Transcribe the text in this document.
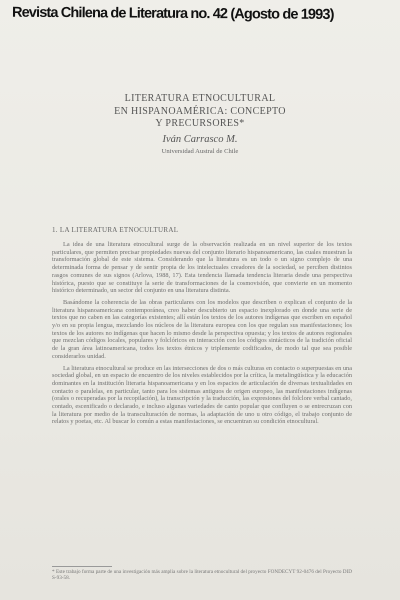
Revista Chilena de Literatura no. 42 (Agosto de 1993)
LITERATURA ETNOCULTURAL
EN HISPANOAMÉRICA: CONCEPTO
Y PRECURSORES*
Iván Carrasco M.
Universidad Austral de Chile
1. LA LITERATURA ETNOCULTURAL

La idea de una literatura etnocultural surge de la observación realizada en un nivel superior de los textos particulares, que permiten precisar propiedades nuevas del conjunto literario hispanoamericano, las cuales muestran la transformación global de este sistema. Considerando que la literatura es un todo o un signo complejo de una determinada forma de pensar y de sentir propia de los intelectuales creadores de la sociedad, se perciben distintos rasgos comunes de sus signos (Arlova, 1988, 17). Esta tendencia llamada tendencia literaria desde una perspectiva histórica, puesto que se constituye la serie de transformaciones de la cosmovisión, que convierte en un momento histórico determinado, un sector del conjunto en una literatura distinta.

Basándome la coherencia de las obras particulares con los modelos que describen o explican el conjunto de la literatura hispanoamericana contemporánea, creo haber descubierto un espacio inexplorado en donde una serie de textos que no caben en las categorías existentes; allí están los textos de los autores indígenas que escriben en español y/o en su propia lengua, mezclando los núcleos de la literatura europea con los que regulan sus manifestaciones; los textos de los autores no indígenas que hacen lo mismo desde la perspectiva opuesta; y los textos de autores regionales que mezclan códigos locales, populares y folclóricos en interacción con los códigos sintácticos de la tradición oficial de la gran área latinoamericana, todos los textos étnicos y triplemente codificados, de modo tal que sea posible considerarlos unidad.

La literatura etnocultural se produce en las intersecciones de dos o más culturas en contacto o superpuestas en una sociedad global, en un espacio de encuentro de los niveles establecidos por la crítica, la metalingüística y la educación dominantes en la institución literaria hispanoamericana y en los espacios de articulación de diversas textualidades en contacto o paralelas, en particular, tanto para los sistemas antiguos de origen europeo, las manifestaciones indígenas (orales o recuperadas por la recopilación), la transcripción y la traducción, las expresiones del folclore verbal cantado, contado, escenificado o declarado, e incluso algunas variedades de canto popular que confluyen o se entrecruzan con la literatura por medio de la transculturación de normas, la adaptación de uno u otro código, el trabajo conjunto de relatos y poetas, etc. Al buscar lo común a estas manifestaciones, se encuentran su condición etnocultural.

* Este trabajo forma parte de una investigación más amplia sobre la literatura etnocultural del proyecto FONDECYT 92-0476 del Proyecto DID S-93-58.
